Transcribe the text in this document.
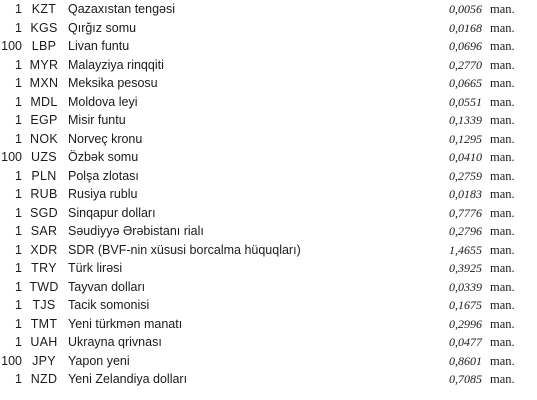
1 KZT Qazaxıstan tengəsi	0,0056 man.
1 KGS Qırğız somu	0,0168 man.
100 LBP Livan funtu	0,0696 man.
1 MYR Malayziya rinqqiti	0,2770 man.
1 MXN Meksika pesosu	0,0665 man.
1 MDL Moldova leyi	0,0551 man.
1 EGP Misir funtu	0,1339 man.
1 NOK Norveç kronu	0,1295 man.
100 UZS Özbək somu	0,0410 man.
1 PLN Polşa zlotası	0,2759 man.
1 RUB Rusiya rublu	0,0183 man.
1 SGD Sinqapur dolları	0,7776 man.
1 SAR Səudiyyə Ərəbistanı rialı	0,2796 man.
1 XDR SDR (BVF-nin xüsusi borcalma hüquqları)	1,4655 man.
1 TRY Türk lirəsi	0,3925 man.
1 TWD Tayvan dolları	0,0339 man.
1 TJS Tacik somonisi	0,1675 man.
1 TMT Yeni türkmən manatı	0,2996 man.
1 UAH Ukrayna qrivnası	0,0477 man.
100 JPY Yapon yeni	0,8601 man.
1 NZD Yeni Zelandiya dolları	0,7085 man.
